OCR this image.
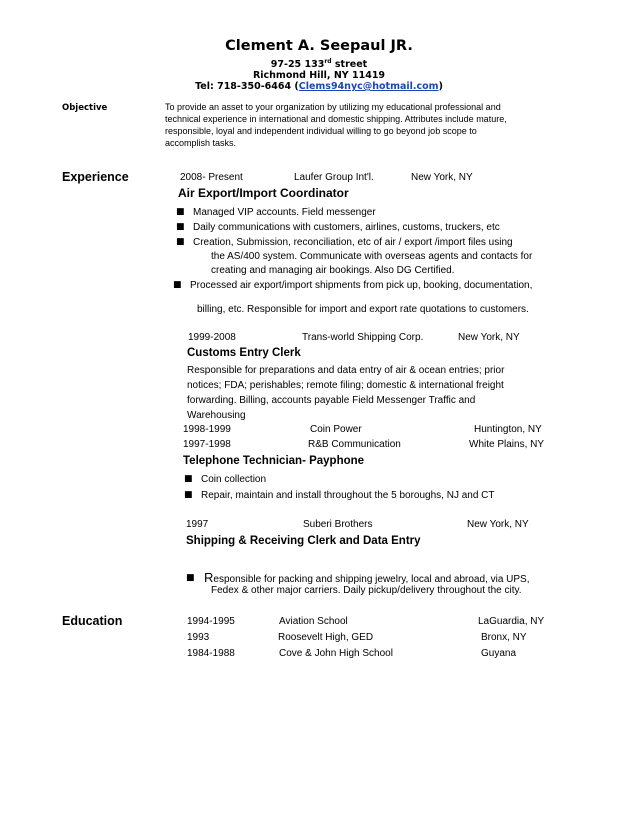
Clement A. Seepaul JR.
97-25 133rd street
Richmond Hill, NY 11419
Tel: 718-350-6464 (Clems94nyc@hotmail.com)
Objective	To provide an asset to your organization by utilizing my educational professional and technical experience in international and domestic shipping. Attributes include mature, responsible, loyal and independent individual willing to go beyond job scope to accomplish tasks.
Experience	2008- Present	Laufer Group Int'l.	New York, NY
Air Export/Import Coordinator
■ Managed VIP accounts. Field messenger
■ Daily communications with customers, airlines, customs, truckers, etc
■ Creation, Submission, reconciliation, etc of air / export /import files using
the AS/400 system. Communicate with overseas agents and contacts for
creating and managing air bookings. Also DG Certified.
■ Processed air export/import shipments from pick up, booking, documentation,
billing, etc. Responsible for import and export rate quotations to customers.
1999-2008	Trans-world Shipping Corp.	New York, NY
Customs Entry Clerk
Responsible for preparations and data entry of air & ocean entries; prior notices; FDA; perishables; remote filing; domestic & international freight forwarding. Billing, accounts payable Field Messenger Traffic and Warehousing
1998-1999	Coin Power	Huntington, NY
1997-1998	R&B Communication	White Plains, NY
Telephone Technician- Payphone
■ Coin collection
■ Repair, maintain and install throughout the 5 boroughs, NJ and CT
1997	Suberi Brothers	New York, NY
Shipping & Receiving Clerk and Data Entry
■ Responsible for packing and shipping jewelry, local and abroad, via UPS,
Fedex & other major carriers. Daily pickup/delivery throughout the city.
Education	1994-1995	Aviation School	LaGuardia, NY
1993	Roosevelt High, GED	Bronx, NY
1984-1988	Cove & John High School	Guyana
